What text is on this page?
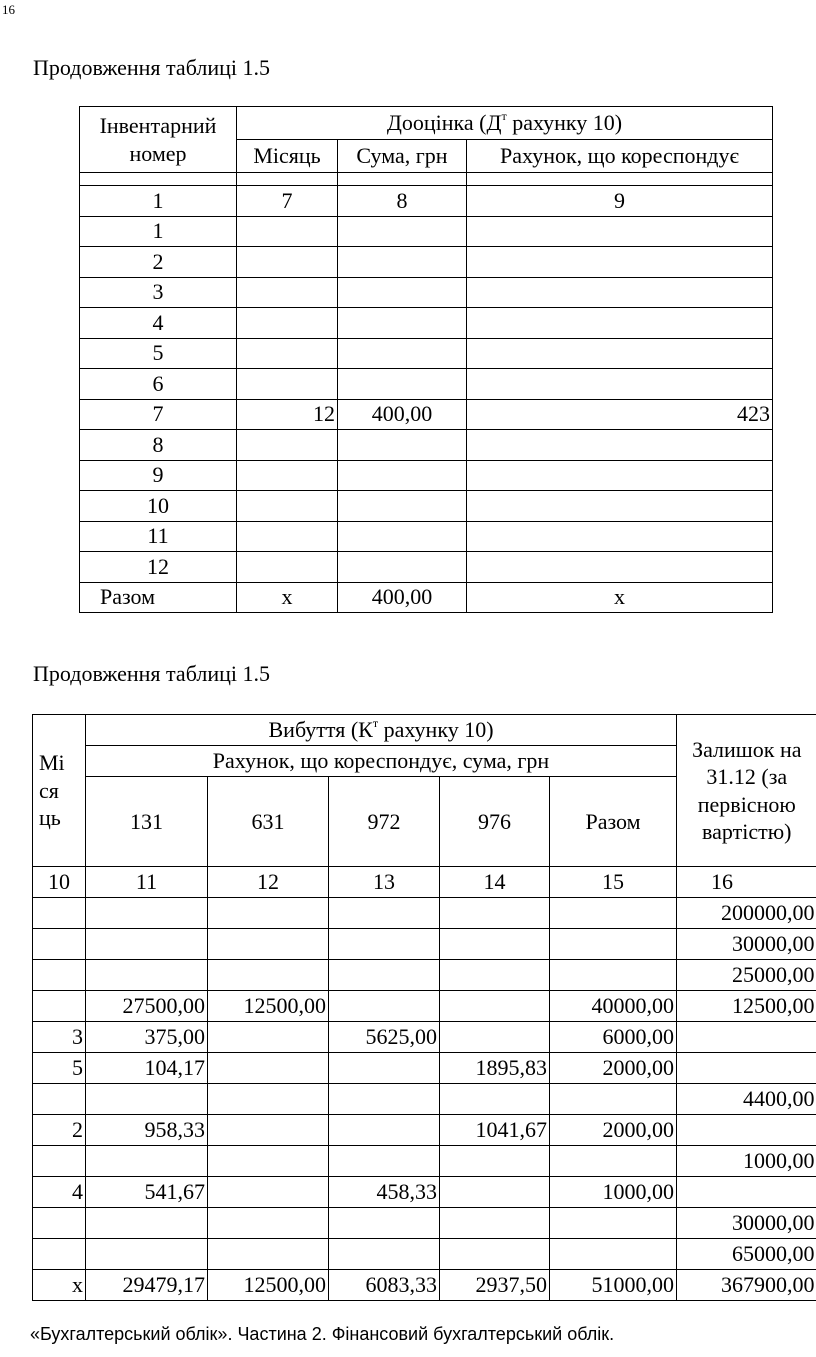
16
Продовження таблиці 1.5
Інвентарний номер	Дооцінка ($Д^т$ рахунку 10)		
	Місяць	Сума, грн	Рахунок, що кореспондує

1	7	8	9
1			
2			
3			
4			
5			
6			
7	12	400,00	423
8			
9			
10			
11			
12			
Разом	х	400,00	х
Продовження таблиці 1.5
Мі ся ць	Вибуття ($К^т$ рахунку 10)					Залишок на 31.12 (за первісною вартістю)
	Рахунок, що кореспондує, сума, грн					
	131	631	972	976	Разом	
10	11	12	13	14	15	16
						200000,00
						30000,00
						25000,00
	27500,00	12500,00			40000,00	12500,00
3	375,00		5625,00		6000,00	
5	104,17			1895,83	2000,00	
						4400,00
2	958,33			1041,67	2000,00	
						1000,00
4	541,67		458,33		1000,00	
						30000,00
						65000,00
х	29479,17	12500,00	6083,33	2937,50	51000,00	367900,00
«Бухгалтерський облік». Частина 2. Фінансовий бухгалтерський облік.
